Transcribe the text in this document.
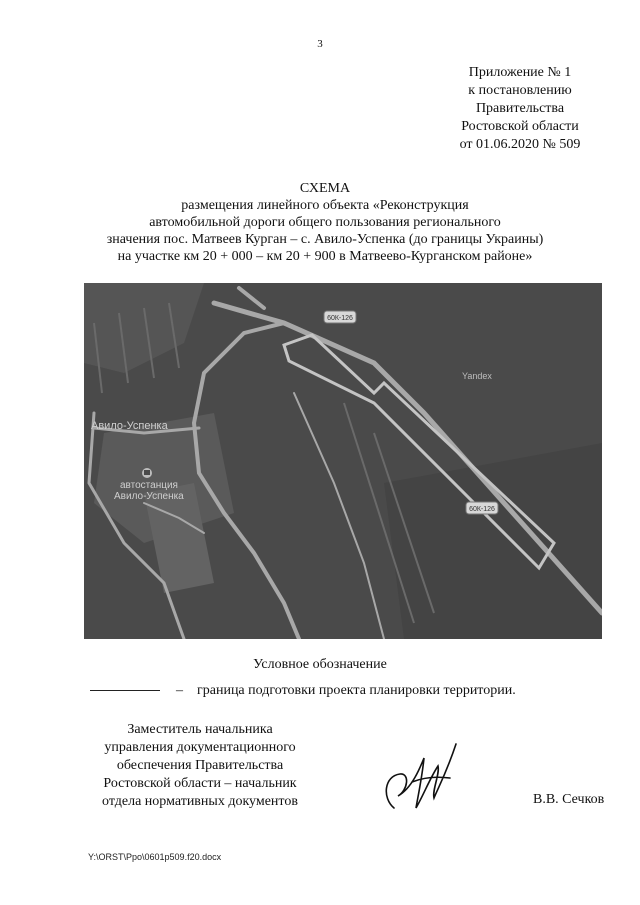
3
Приложение № 1
к постановлению
Правительства
Ростовской области
от 01.06.2020 № 509
СХЕМА
размещения линейного объекта «Реконструкция
автомобильной дороги общего пользования регионального
значения пос. Матвеев Курган – с. Авило-Успенка (до границы Украины)
на участке км 20 + 000 – км 20 + 900 в Матвеево-Курганском районе»
60К-126
60К-126
Авило-Успенка
автостанция
Авило-Успенка
Yandex
Условное обозначение
– граница подготовки проекта планировки территории.
Заместитель начальника
управления документационного
обеспечения Правительства
Ростовской области – начальник
отдела нормативных документов	В.В. Сечков
Y:\ORST\Ppo\0601p509.f20.docx
